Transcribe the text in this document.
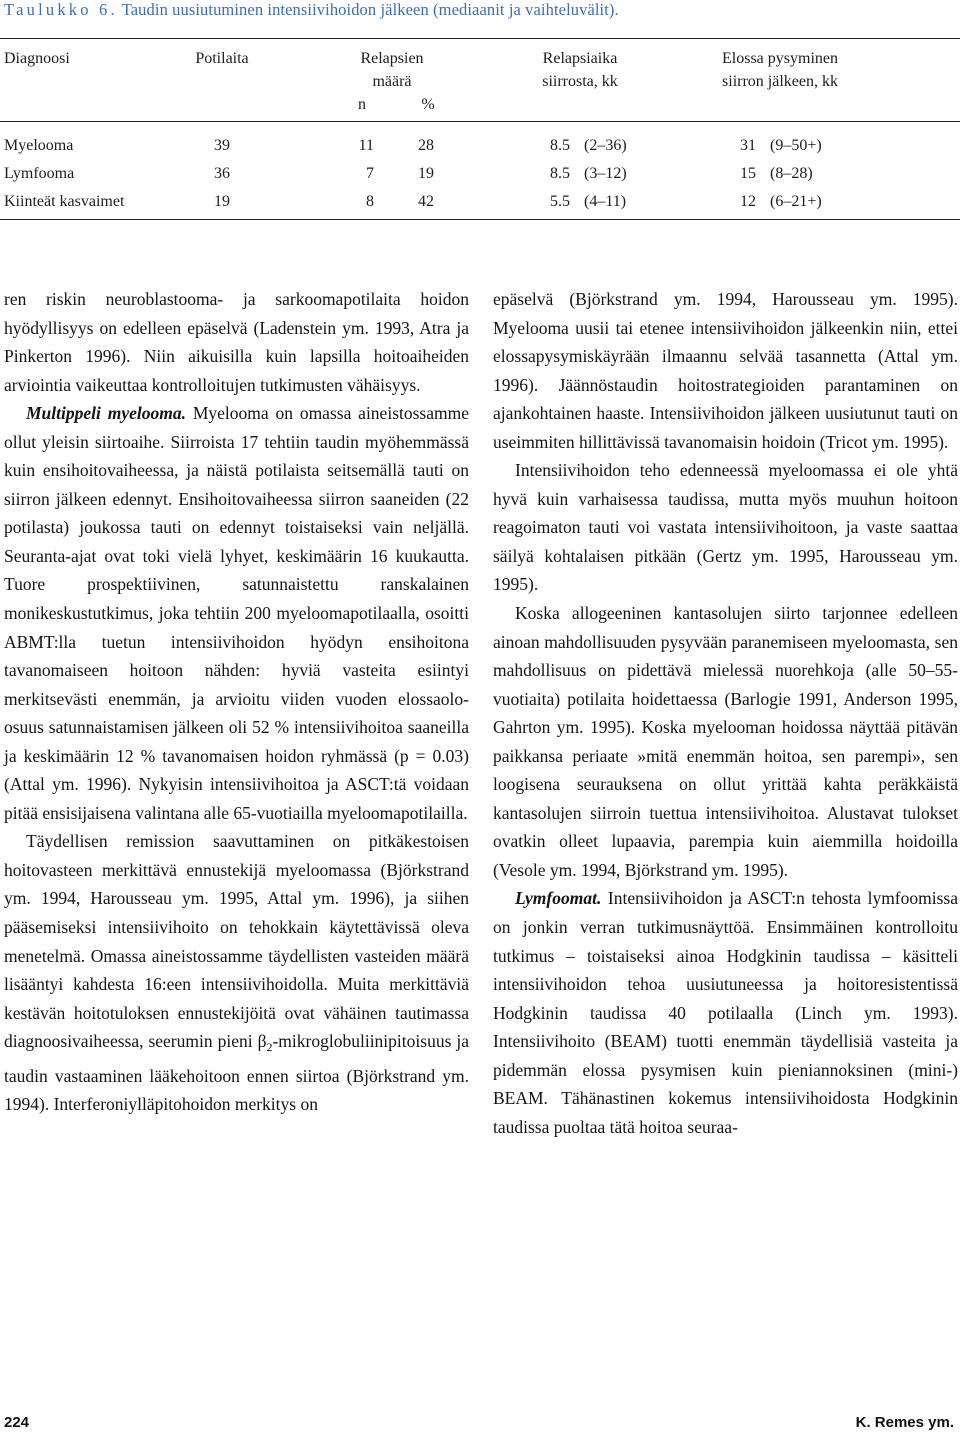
Taulukko 6. Taudin uusiutuminen intensiivihoidon jälkeen (mediaanit ja vaihteluvälit).
Diagnoosi	Potilaita	Relapsien
määrä
n	%
Relapsiaika
siirrosta, kk
Elossa pysyminen
siirron jälkeen, kk
Myelooma	39	11	28	8.5 (2–36)	31 (9–50+)
Lymfooma	36	7	19	8.5 (3–12)	15 (8–28)
Kiinteät kasvaimet	19	8	42	5.5 (4–11)	12 (6–21+)

ren riskin neuroblastooma- ja sarkoomapotilaita hoidon hyödyllisyys on edelleen epäselvä (Ladenstein ym. 1993, Atra ja Pinkerton 1996). Niin aikuisilla kuin lapsilla hoitoaiheiden arviointia vaikeuttaa kontrolloitujen tutkimusten vähäisyys.

Multippeli myelooma. Myelooma on omassa aineistossamme ollut yleisin siirtoaihe. Siirroista 17 tehtiin taudin myöhemmässä kuin ensihoitovaiheessa, ja näistä potilaista seitsemällä tauti on siirron jälkeen edennyt. Ensihoitovaiheessa siirron saaneiden (22 potilasta) joukossa tauti on edennyt toistaiseksi vain neljällä. Seuranta-ajat ovat toki vielä lyhyet, keskimäärin 16 kuukautta. Tuore prospektiivinen, satunnaistettu ranskalainen monikeskustutkimus, joka tehtiin 200 myeloomapotilaalla, osoitti ABMT:lla tuetun intensiivihoidon hyödyn ensihoitona tavanomaiseen hoitoon nähden: hyviä vasteita esiintyi merkitsevästi enemmän, ja arvioitu viiden vuoden elossaolo-osuus satunnaistamisen jälkeen oli 52 % intensiivihoitoa saaneilla ja keskimäärin 12 % tavanomaisen hoidon ryhmässä (p = 0.03) (Attal ym. 1996). Nykyisin intensiivihoitoa ja ASCT:tä voidaan pitää ensisijaisena valintana alle 65-vuotiailla myeloomapotilailla.

Täydellisen remission saavuttaminen on pitkäkestoisen hoitovasteen merkittävä ennustekijä myeloomassa (Björkstrand ym. 1994, Harousseau ym. 1995, Attal ym. 1996), ja siihen pääsemiseksi intensiivihoito on tehokkain käytettävissä oleva menetelmä. Omassa aineistossamme täydellisten vasteiden määrä lisääntyi kahdesta 16:een intensiivihoidolla. Muita merkittäviä kestävän hoitotuloksen ennustekijöitä ovat vähäinen tautimassa diagnoosivaiheessa, seerumin pieni $\beta_2$-mikroglobuliinipitoisuus ja taudin vastaaminen lääkehoitoon ennen siirtoa (Björkstrand ym. 1994). Interferoniylläpitohoidon merkitys on

epäselvä (Björkstrand ym. 1994, Harousseau ym. 1995). Myelooma uusii tai etenee intensiivihoidon jälkeenkin niin, ettei elossapysymiskäyrään ilmaannu selvää tasannetta (Attal ym. 1996). Jäännöstaudin hoitostrategioiden parantaminen on ajankohtainen haaste. Intensiivihoidon jälkeen uusiutunut tauti on useimmiten hillittävissä tavanomaisin hoidoin (Tricot ym. 1995).

Intensiivihoidon teho edenneessä myeloomassa ei ole yhtä hyvä kuin varhaisessa taudissa, mutta myös muuhun hoitoon reagoimaton tauti voi vastata intensiivihoitoon, ja vaste saattaa säilyä kohtalaisen pitkään (Gertz ym. 1995, Harousseau ym. 1995).

Koska allogeeninen kantasolujen siirto tarjonnee edelleen ainoan mahdollisuuden pysyvään paranemiseen myeloomasta, sen mahdollisuus on pidettävä mielessä nuorehkoja (alle 50–55-vuotiaita) potilaita hoidettaessa (Barlogie 1991, Anderson 1995, Gahrton ym. 1995). Koska myelooman hoidossa näyttää pitävän paikkansa periaate »mitä enemmän hoitoa, sen parempi», sen loogisena seurauksena on ollut yrittää kahta peräkkäistä kantasolujen siirroin tuettua intensiivihoitoa. Alustavat tulokset ovatkin olleet lupaavia, parempia kuin aiemmilla hoidoilla (Vesole ym. 1994, Björkstrand ym. 1995).

Lymfoomat. Intensiivihoidon ja ASCT:n tehosta lymfoomissa on jonkin verran tutkimusnäyttöä. Ensimmäinen kontrolloitu tutkimus – toistaiseksi ainoa Hodgkinin taudissa – käsitteli intensiivihoidon tehoa uusiutuneessa ja hoitoresistentissä Hodgkinin taudissa 40 potilaalla (Linch ym. 1993). Intensiivihoito (BEAM) tuotti enemmän täydellisiä vasteita ja pidemmän elossa pysymisen kuin pieniannoksinen (mini-) BEAM. Tähänastinen kokemus intensiivihoidosta Hodgkinin taudissa puoltaa tätä hoitoa seuraa-

224	K. Remes ym.
